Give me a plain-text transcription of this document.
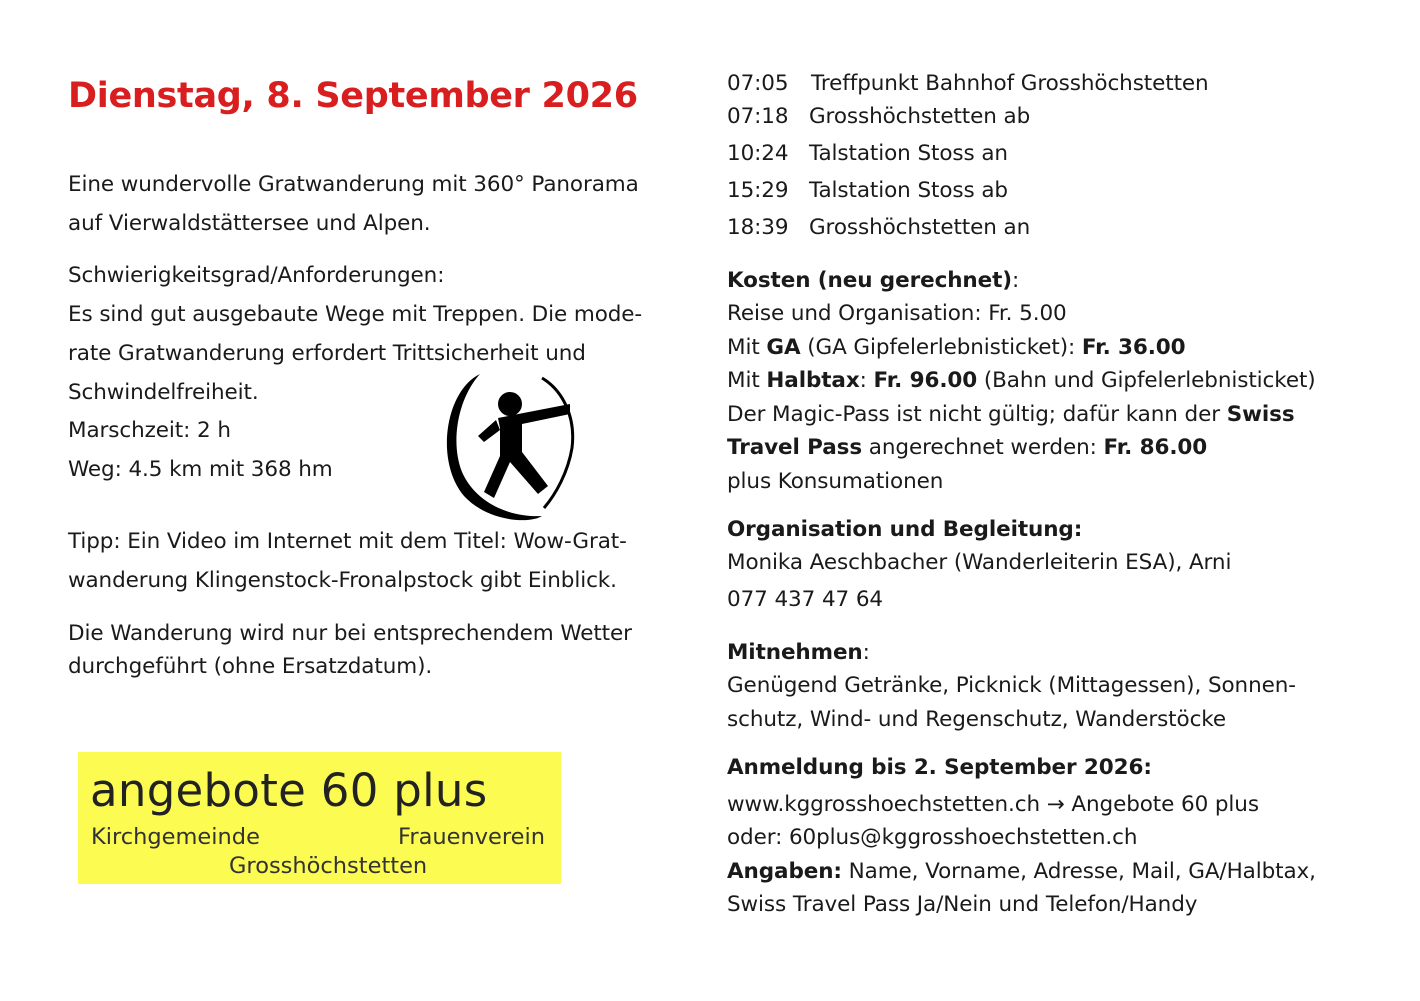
Dienstag, 8. September 2026
Eine wundervolle Gratwanderung mit 360° Panorama
auf Vierwaldstättersee und Alpen.
Schwierigkeitsgrad/Anforderungen:
Es sind gut ausgebaute Wege mit Treppen. Die mode-
rate Gratwanderung erfordert Trittsicherheit und
Schwindelfreiheit.
Marschzeit: 2 h
Weg: 4.5 km mit 368 hm
Tipp: Ein Video im Internet mit dem Titel: Wow-Grat-
wanderung Klingenstock-Fronalpstock gibt Einblick.
Die Wanderung wird nur bei entsprechendem Wetter
durchgeführt (ohne Ersatzdatum).
angebote 60 plus
Kirchgemeinde	Frauenverein
Grosshöchstetten
07:05 Treffpunkt Bahnhof Grosshöchstetten
07:18 Grosshöchstetten ab
10:24 Talstation Stoss an
15:29 Talstation Stoss ab
18:39 Grosshöchstetten an
Kosten (neu gerechnet):
Reise und Organisation: Fr. 5.00
Mit GA (GA Gipfelerlebnisticket): Fr. 36.00
Mit Halbtax: Fr. 96.00 (Bahn und Gipfelerlebnisticket)
Der Magic-Pass ist nicht gültig; dafür kann der Swiss
Travel Pass angerechnet werden: Fr. 86.00
plus Konsumationen
Organisation und Begleitung:
Monika Aeschbacher (Wanderleiterin ESA), Arni
077 437 47 64
Mitnehmen:
Genügend Getränke, Picknick (Mittagessen), Sonnen-
schutz, Wind- und Regenschutz, Wanderstöcke
Anmeldung bis 2. September 2026:
www.kggrosshoechstetten.ch → Angebote 60 plus
oder: 60plus@kggrosshoechstetten.ch
Angaben: Name, Vorname, Adresse, Mail, GA/Halbtax,
Swiss Travel Pass Ja/Nein und Telefon/Handy
